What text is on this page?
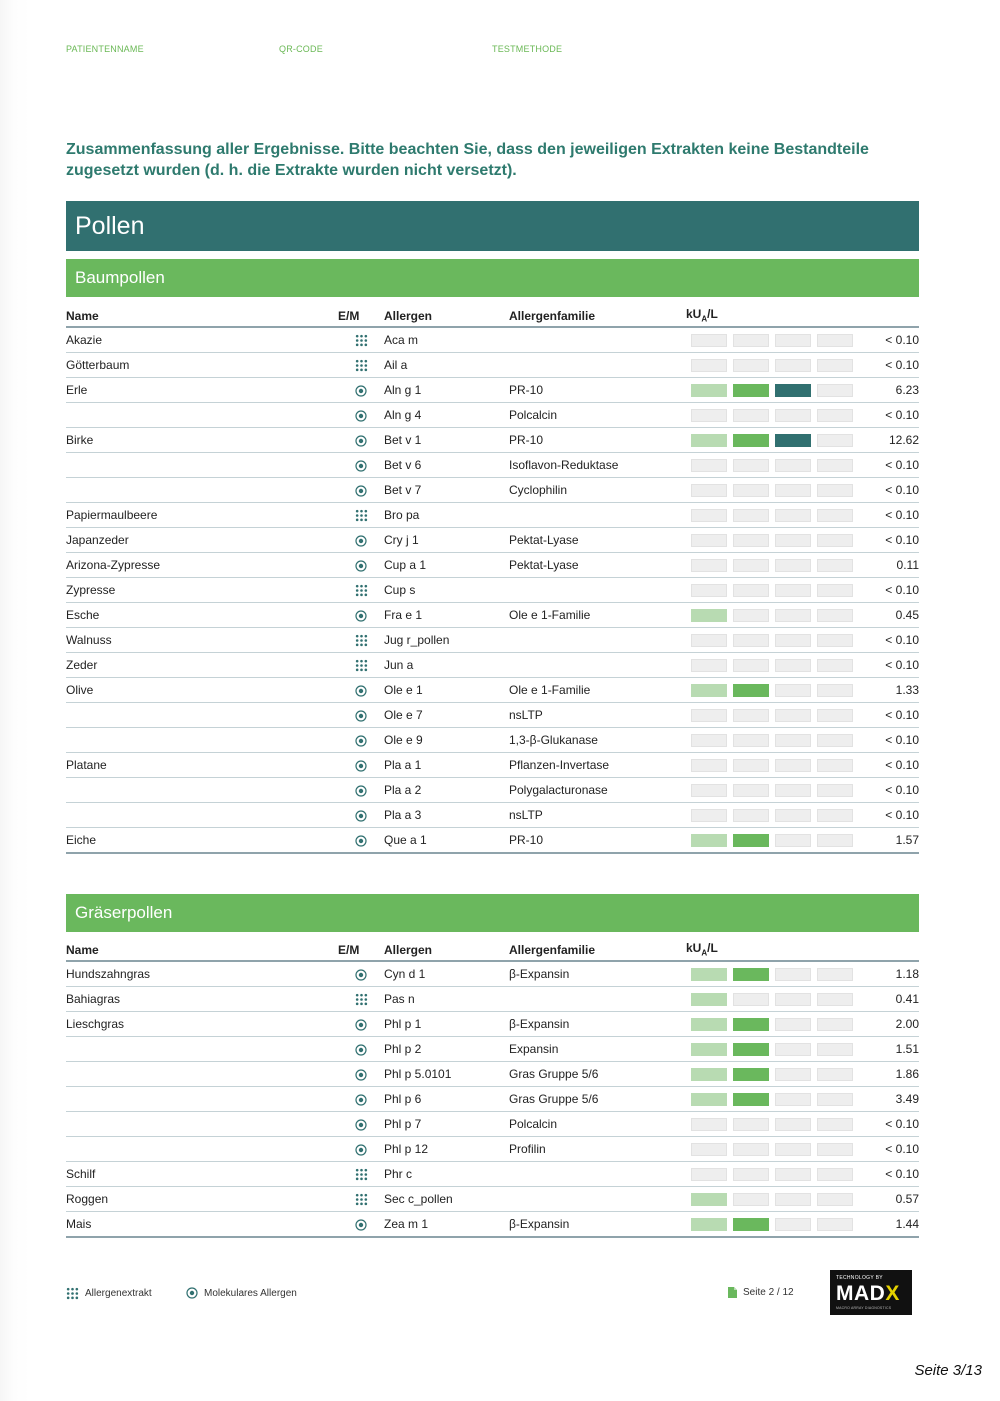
PATIENTENNAME	QR-CODE	TESTMETHODE
Zusammenfassung aller Ergebnisse. Bitte beachten Sie, dass den jeweiligen Extrakten keine Bestandteile zugesetzt wurden (d. h. die Extrakte wurden nicht versetzt).
Pollen
Baumpollen
Name	E/M	Allergen	Allergenfamilie	$kU_A/L$	
Akazie		Aca m			< 0.10
Götterbaum		Ail a			< 0.10
Erle		Aln g 1	PR-10		6.23
		Aln g 4	Polcalcin		< 0.10
Birke		Bet v 1	PR-10		12.62
		Bet v 6	Isoflavon-Reduktase		< 0.10
		Bet v 7	Cyclophilin		< 0.10
Papiermaulbeere		Bro pa			< 0.10
Japanzeder		Cry j 1	Pektat-Lyase		< 0.10
Arizona-Zypresse		Cup a 1	Pektat-Lyase		0.11
Zypresse		Cup s			< 0.10
Esche		Fra e 1	Ole e 1-Familie		0.45
Walnuss		Jug r_pollen			< 0.10
Zeder		Jun a			< 0.10
Olive		Ole e 1	Ole e 1-Familie		1.33
		Ole e 7	nsLTP		< 0.10
		Ole e 9	1,3-β-Glukanase		< 0.10
Platane		Pla a 1	Pflanzen-Invertase		< 0.10
		Pla a 2	Polygalacturonase		< 0.10
		Pla a 3	nsLTP		< 0.10
Eiche		Que a 1	PR-10		1.57
Gräserpollen
Name	E/M	Allergen	Allergenfamilie	$kU_A/L$	
Hundszahngras		Cyn d 1	β-Expansin		1.18
Bahiagras		Pas n			0.41
Lieschgras		Phl p 1	β-Expansin		2.00
		Phl p 2	Expansin		1.51
		Phl p 5.0101	Gras Gruppe 5/6		1.86
		Phl p 6	Gras Gruppe 5/6		3.49
		Phl p 7	Polcalcin		< 0.10
		Phl p 12	Profilin		< 0.10
Schilf		Phr c			< 0.10
Roggen		Sec c_pollen			0.57
Mais		Zea m 1	β-Expansin		1.44
Allergenextrakt	Molekulares Allergen	Seite 2 / 12
TECHNOLOGY BY
MADX
MACRO ARRAY DIAGNOSTICS
Seite 3/13
